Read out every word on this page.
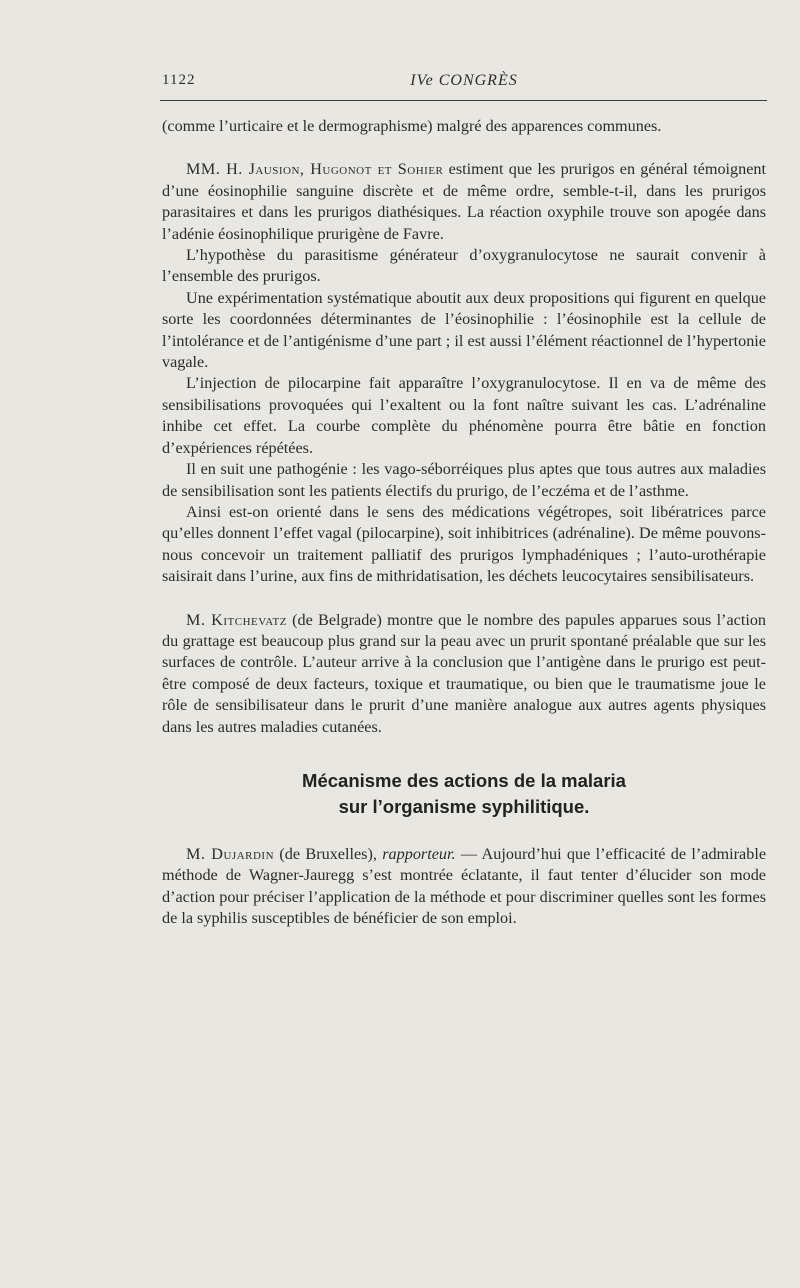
1122	IVe CONGRÈS

(comme l’urticaire et le dermographisme) malgré des apparences communes.

MM. H. Jausion, Hugonot et Sohier estiment que les prurigos en général témoignent d’une éosinophilie sanguine discrète et de même ordre, semble-t-il, dans les prurigos parasitaires et dans les prurigos diathésiques. La réaction oxyphile trouve son apogée dans l’adénie éosinophilique prurigène de Favre.

L’hypothèse du parasitisme générateur d’oxygranulocytose ne saurait convenir à l’ensemble des prurigos.

Une expérimentation systématique aboutit aux deux propositions qui figurent en quelque sorte les coordonnées déterminantes de l’éosinophilie : l’éosinophile est la cellule de l’intolérance et de l’antigénisme d’une part ; il est aussi l’élément réactionnel de l’hypertonie vagale.

L’injection de pilocarpine fait apparaître l’oxygranulocytose. Il en va de même des sensibilisations provoquées qui l’exaltent ou la font naître suivant les cas. L’adrénaline inhibe cet effet. La courbe complète du phénomène pourra être bâtie en fonction d’expériences répétées.

Il en suit une pathogénie : les vago-séborréiques plus aptes que tous autres aux maladies de sensibilisation sont les patients électifs du prurigo, de l’eczéma et de l’asthme.

Ainsi est-on orienté dans le sens des médications végétropes, soit libératrices parce qu’elles donnent l’effet vagal (pilocarpine), soit inhibitrices (adrénaline). De même pouvons-nous concevoir un traitement palliatif des prurigos lymphadéniques ; l’auto-urothérapie saisirait dans l’urine, aux fins de mithridatisation, les déchets leucocytaires sensibilisateurs.

M. Kitchevatz (de Belgrade) montre que le nombre des papules apparues sous l’action du grattage est beaucoup plus grand sur la peau avec un prurit spontané préalable que sur les surfaces de contrôle. L’auteur arrive à la conclusion que l’antigène dans le prurigo est peut-être composé de deux facteurs, toxique et traumatique, ou bien que le traumatisme joue le rôle de sensibilisateur dans le prurit d’une manière analogue aux autres agents physiques dans les autres maladies cutanées.

Mécanisme des actions de la malaria
sur l’organisme syphilitique.

M. Dujardin (de Bruxelles), rapporteur. — Aujourd’hui que l’efficacité de l’admirable méthode de Wagner-Jauregg s’est montrée éclatante, il faut tenter d’élucider son mode d’action pour préciser l’application de la méthode et pour discriminer quelles sont les formes de la syphilis susceptibles de bénéficier de son emploi.
